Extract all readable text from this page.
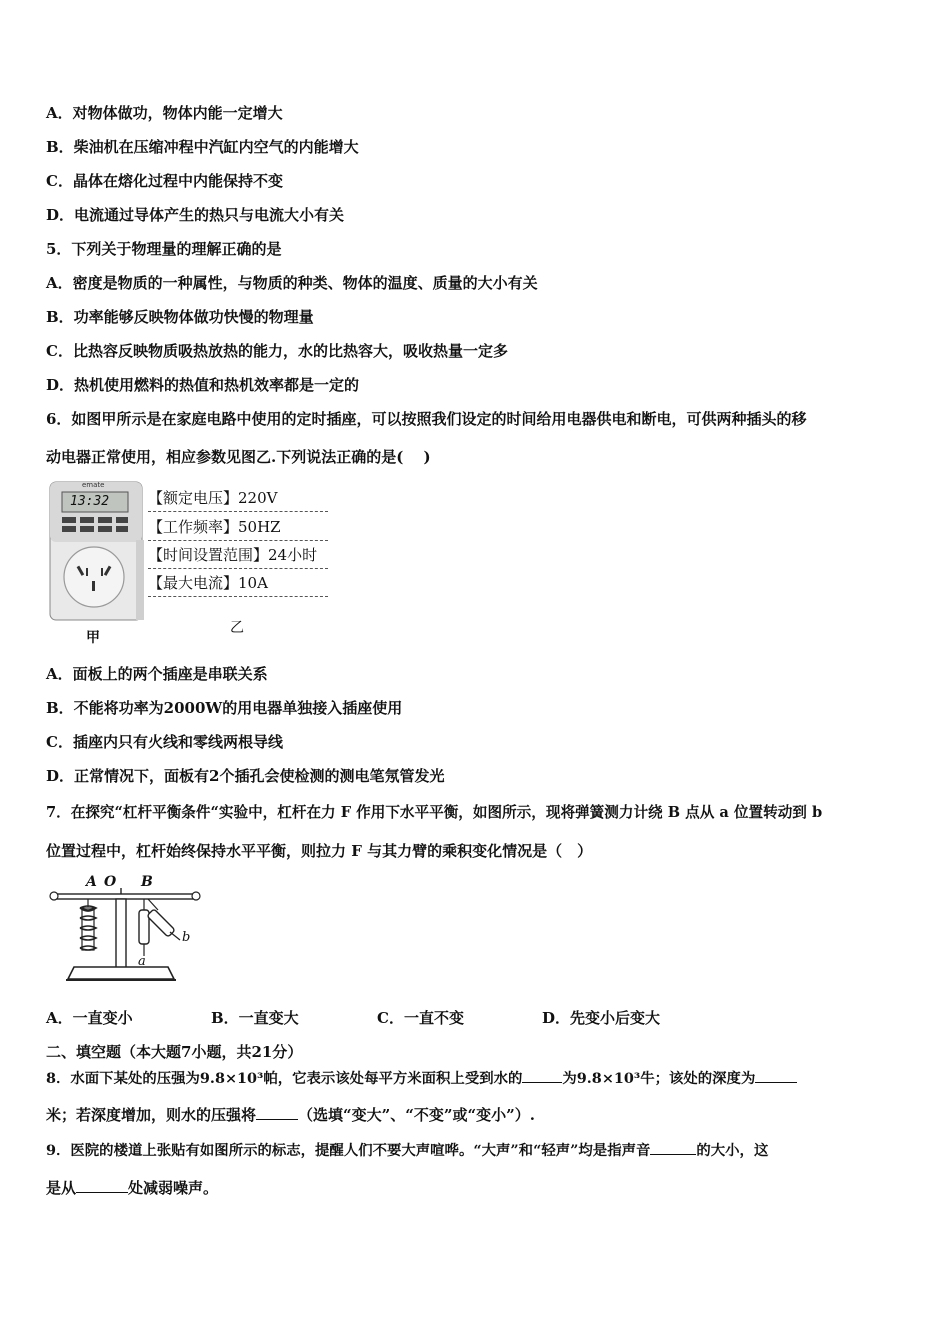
A．对物体做功，物体内能一定增大
B．柴油机在压缩冲程中汽缸内空气的内能增大
C．晶体在熔化过程中内能保持不变
D．电流通过导体产生的热只与电流大小有关
5．下列关于物理量的理解正确的是
A．密度是物质的一种属性，与物质的种类、物体的温度、质量的大小有关
B．功率能够反映物体做功快慢的物理量
C．比热容反映物质吸热放热的能力，水的比热容大，吸收热量一定多
D．热机使用燃料的热值和热机效率都是一定的
6．如图甲所示是在家庭电路中使用的定时插座，可以按照我们设定的时间给用电器供电和断电，可供两种插头的移
动电器正常使用，相应参数见图乙.下列说法正确的是(　 )
emate
13:32
甲
【额定电压】220V
【工作频率】50HZ
【时间设置范围】24小时
【最大电流】10A
乙
A．面板上的两个插座是串联关系
B．不能将功率为2000W的用电器单独接入插座使用
C．插座内只有火线和零线两根导线
D．正常情况下，面板有2个插孔会使检测的测电笔氖管发光
7．在探究“杠杆平衡条件“实验中，杠杆在力 F 作用下水平平衡，如图所示，现将弹簧测力计绕 B 点从 a 位置转动到 b
位置过程中，杠杆始终保持水平平衡，则拉力 F 与其力臂的乘积变化情况是（　）
A O B
a
b
A．一直变小	B．一直变大	C．一直不变	D．先变小后变大
二、填空题（本大题7小题，共21分）
8．水面下某处的压强为9.8×10³帕，它表示该处每平方米面积上受到水的	为9.8×10³牛；该处的深度为
米；若深度增加，则水的压强将	（选填“变大”、“不变”或“变小”）.
9．医院的楼道上张贴有如图所示的标志，提醒人们不要大声喧哗。“大声”和“轻声”均是指声音	的大小，这
是从	处减弱噪声。
